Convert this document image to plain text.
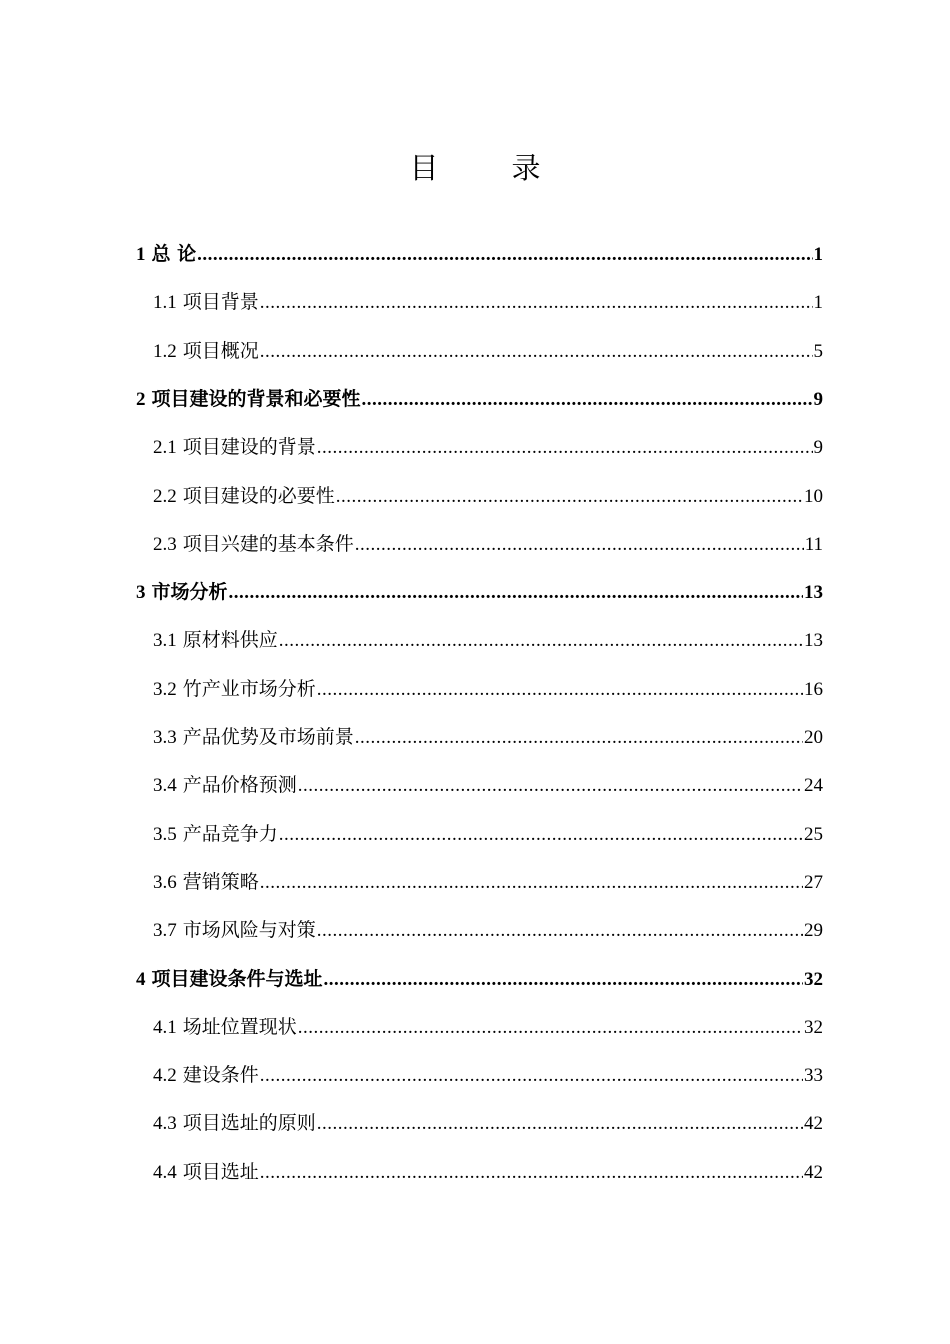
目　录
1 总 论 .....	1
1.1 项目背景 .....	1
1.2 项目概况 .....	5
2 项目建设的背景和必要性 .....	9
2.1 项目建设的背景 .....	9
2.2 项目建设的必要性 .....	10
2.3 项目兴建的基本条件 .....	11
3 市场分析 .....	13
3.1 原材料供应 .....	13
3.2 竹产业市场分析 .....	16
3.3 产品优势及市场前景 .....	20
3.4 产品价格预测 .....	24
3.5 产品竞争力 .....	25
3.6 营销策略 .....	27
3.7 市场风险与对策 .....	29
4 项目建设条件与选址 .....	32
4.1 场址位置现状 .....	32
4.2 建设条件 .....	33
4.3 项目选址的原则 .....	42
4.4 项目选址 .....	42
